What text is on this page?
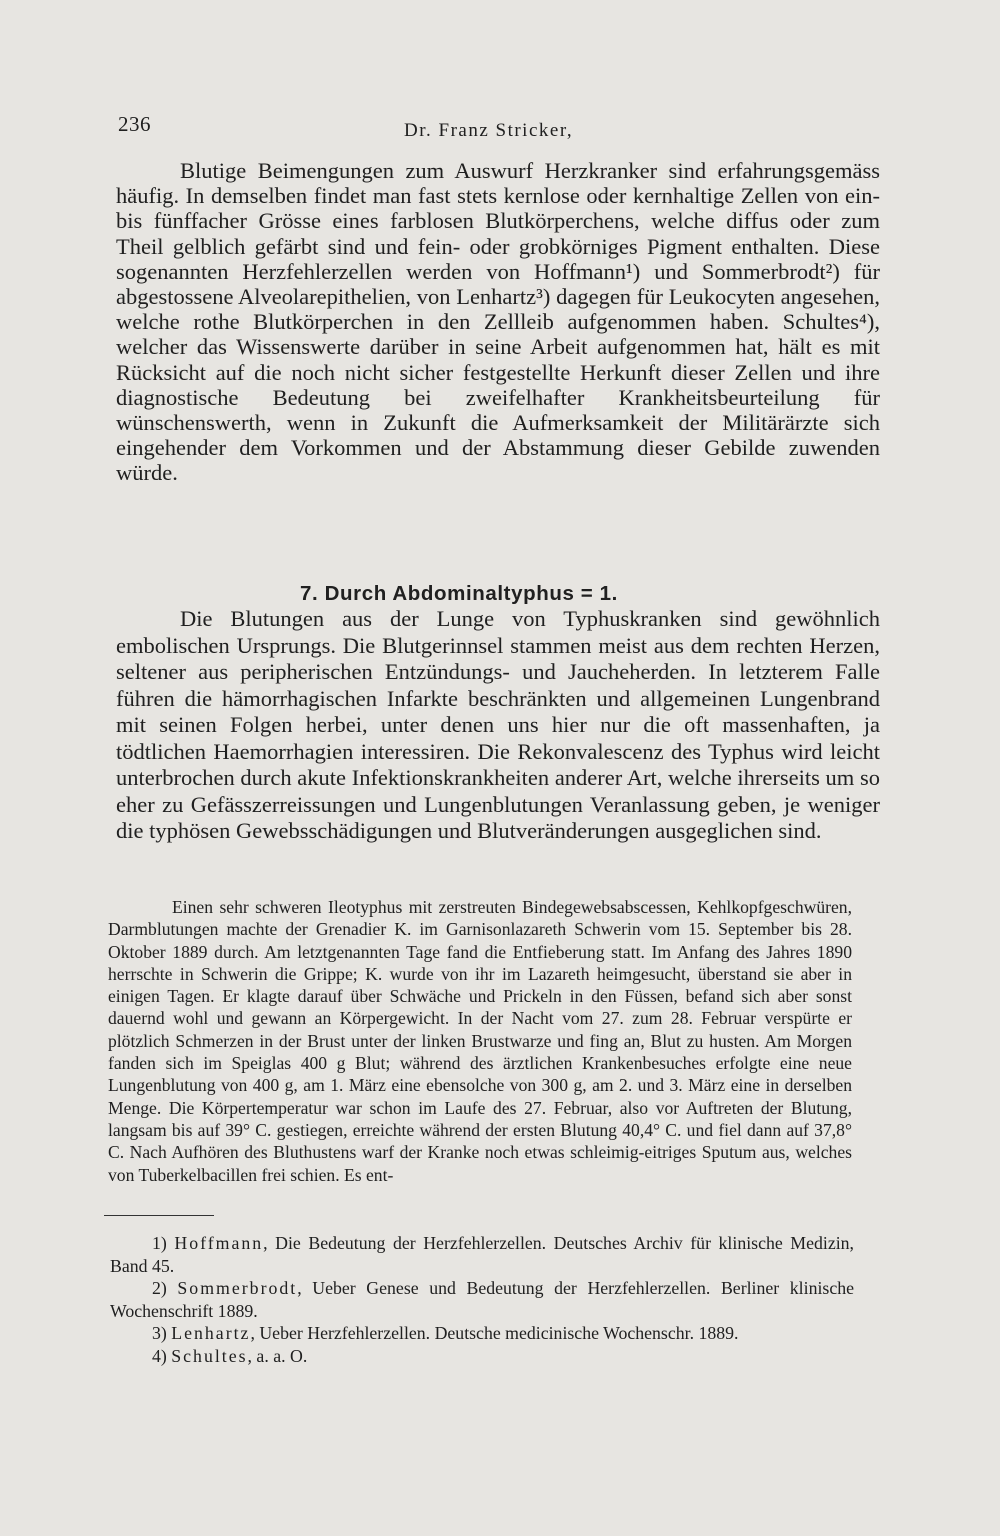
236	Dr. Franz Stricker,

Blutige Beimengungen zum Auswurf Herzkranker sind erfahrungsgemäss häufig. In demselben findet man fast stets kernlose oder kernhaltige Zellen von ein- bis fünffacher Grösse eines farblosen Blutkörperchens, welche diffus oder zum Theil gelblich gefärbt sind und fein- oder grobkörniges Pigment enthalten. Diese sogenannten Herzfehlerzellen werden von Hoffmann¹) und Sommerbrodt²) für abgestossene Alveolarepithelien, von Lenhartz³) dagegen für Leukocyten angesehen, welche rothe Blutkörperchen in den Zellleib aufgenommen haben. Schultes⁴), welcher das Wissenswerte darüber in seine Arbeit aufgenommen hat, hält es mit Rücksicht auf die noch nicht sicher festgestellte Herkunft dieser Zellen und ihre diagnostische Bedeutung bei zweifelhafter Krankheitsbeurteilung für wünschenswerth, wenn in Zukunft die Aufmerksamkeit der Militärärzte sich eingehender dem Vorkommen und der Abstammung dieser Gebilde zuwenden würde.

7. Durch Abdominaltyphus = 1.

Die Blutungen aus der Lunge von Typhuskranken sind gewöhnlich embolischen Ursprungs. Die Blutgerinnsel stammen meist aus dem rechten Herzen, seltener aus peripherischen Entzündungs- und Jaucheherden. In letzterem Falle führen die hämorrhagischen Infarkte beschränkten und allgemeinen Lungenbrand mit seinen Folgen herbei, unter denen uns hier nur die oft massenhaften, ja tödtlichen Haemorrhagien interessiren. Die Rekonvalescenz des Typhus wird leicht unterbrochen durch akute Infektionskrankheiten anderer Art, welche ihrerseits um so eher zu Gefässzerreissungen und Lungenblutungen Veranlassung geben, je weniger die typhösen Gewebsschädigungen und Blutveränderungen ausgeglichen sind.

Einen sehr schweren Ileotyphus mit zerstreuten Bindegewebsabscessen, Kehlkopfgeschwüren, Darmblutungen machte der Grenadier K. im Garnisonlazareth Schwerin vom 15. September bis 28. Oktober 1889 durch. Am letztgenannten Tage fand die Entfieberung statt. Im Anfang des Jahres 1890 herrschte in Schwerin die Grippe; K. wurde von ihr im Lazareth heimgesucht, überstand sie aber in einigen Tagen. Er klagte darauf über Schwäche und Prickeln in den Füssen, befand sich aber sonst dauernd wohl und gewann an Körpergewicht. In der Nacht vom 27. zum 28. Februar verspürte er plötzlich Schmerzen in der Brust unter der linken Brustwarze und fing an, Blut zu husten. Am Morgen fanden sich im Speiglas 400 g Blut; während des ärztlichen Krankenbesuches erfolgte eine neue Lungenblutung von 400 g, am 1. März eine ebensolche von 300 g, am 2. und 3. März eine in derselben Menge. Die Körpertemperatur war schon im Laufe des 27. Februar, also vor Auftreten der Blutung, langsam bis auf 39° C. gestiegen, erreichte während der ersten Blutung 40,4° C. und fiel dann auf 37,8° C. Nach Aufhören des Bluthustens warf der Kranke noch etwas schleimig-eitriges Sputum aus, welches von Tuberkelbacillen frei schien. Es ent-

1) Hoffmann, Die Bedeutung der Herzfehlerzellen. Deutsches Archiv für klinische Medizin, Band 45.

2) Sommerbrodt, Ueber Genese und Bedeutung der Herzfehlerzellen. Berliner klinische Wochenschrift 1889.

3) Lenhartz, Ueber Herzfehlerzellen. Deutsche medicinische Wochenschr. 1889.

4) Schultes, a. a. O.
